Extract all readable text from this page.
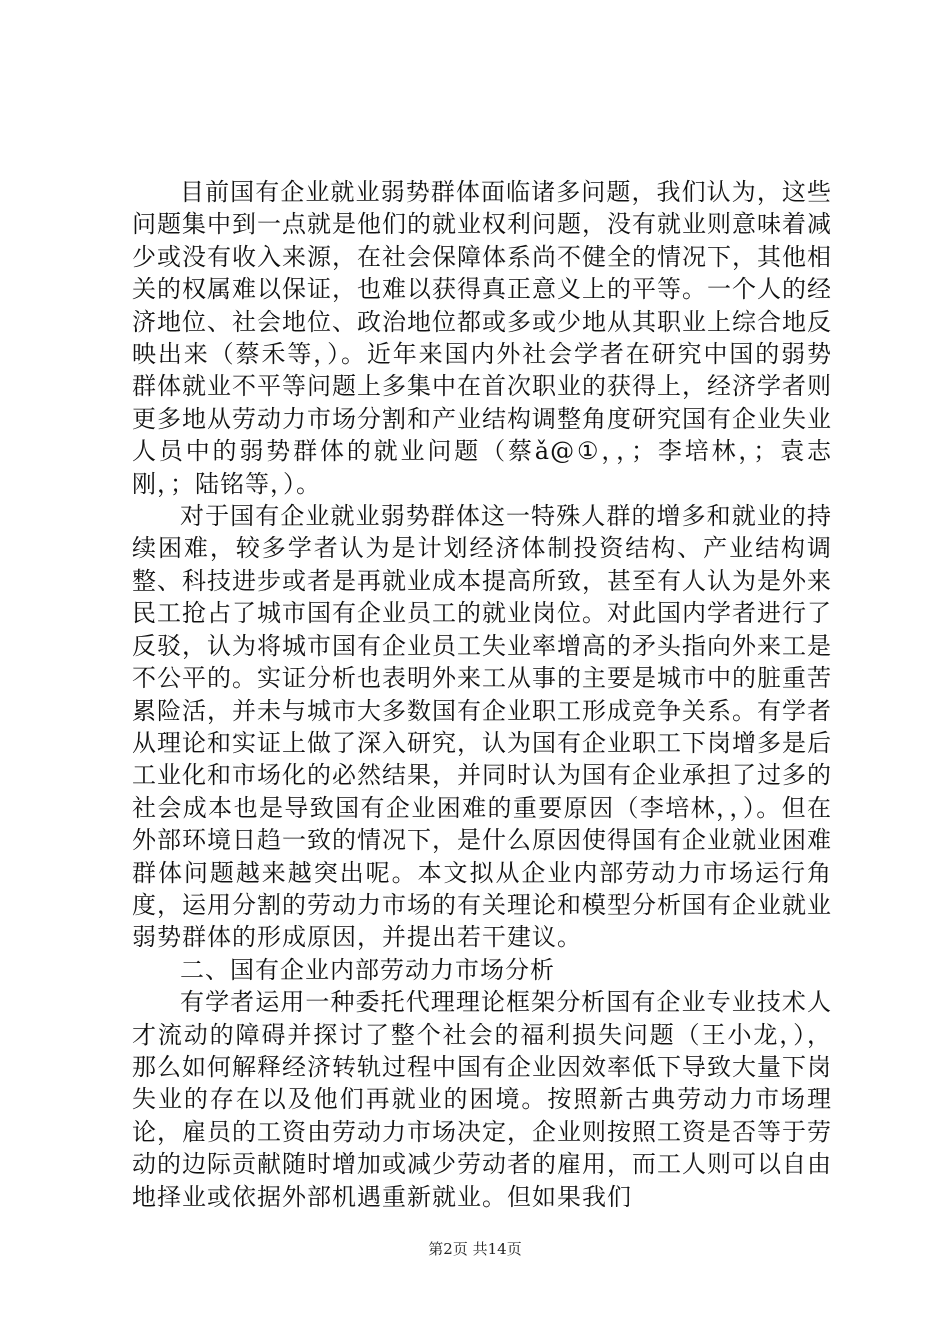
目前国有企业就业弱势群体面临诸多问题，我们认为，这些问题集中到一点就是他们的就业权利问题，没有就业则意味着减少或没有收入来源，在社会保障体系尚不健全的情况下，其他相关的权属难以保证，也难以获得真正意义上的平等。一个人的经济地位、社会地位、政治地位都或多或少地从其职业上综合地反映出来（蔡禾等，）。近年来国内外社会学者在研究中国的弱势群体就业不平等问题上多集中在首次职业的获得上，经济学者则更多地从劳动力市场分割和产业结构调整角度研究国有企业失业人员中的弱势群体的就业问题（蔡ǎ@①，，；李培林，；袁志刚，；陆铭等，）。

对于国有企业就业弱势群体这一特殊人群的增多和就业的持续困难，较多学者认为是计划经济体制投资结构、产业结构调整、科技进步或者是再就业成本提高所致，甚至有人认为是外来民工抢占了城市国有企业员工的就业岗位。对此国内学者进行了反驳，认为将城市国有企业员工失业率增高的矛头指向外来工是不公平的。实证分析也表明外来工从事的主要是城市中的脏重苦累险活，并未与城市大多数国有企业职工形成竞争关系。有学者从理论和实证上做了深入研究，认为国有企业职工下岗增多是后工业化和市场化的必然结果，并同时认为国有企业承担了过多的社会成本也是导致国有企业困难的重要原因（李培林，，）。但在外部环境日趋一致的情况下，是什么原因使得国有企业就业困难群体问题越来越突出呢。本文拟从企业内部劳动力市场运行角度，运用分割的劳动力市场的有关理论和模型分析国有企业就业弱势群体的形成原因，并提出若干建议。

二、国有企业内部劳动力市场分析

有学者运用一种委托代理理论框架分析国有企业专业技术人才流动的障碍并探讨了整个社会的福利损失问题（王小龙，），那么如何解释经济转轨过程中国有企业因效率低下导致大量下岗失业的存在以及他们再就业的困境。按照新古典劳动力市场理论，雇员的工资由劳动力市场决定，企业则按照工资是否等于劳动的边际贡献随时增加或减少劳动者的雇用，而工人则可以自由地择业或依据外部机遇重新就业。但如果我们

第2页 共14页
